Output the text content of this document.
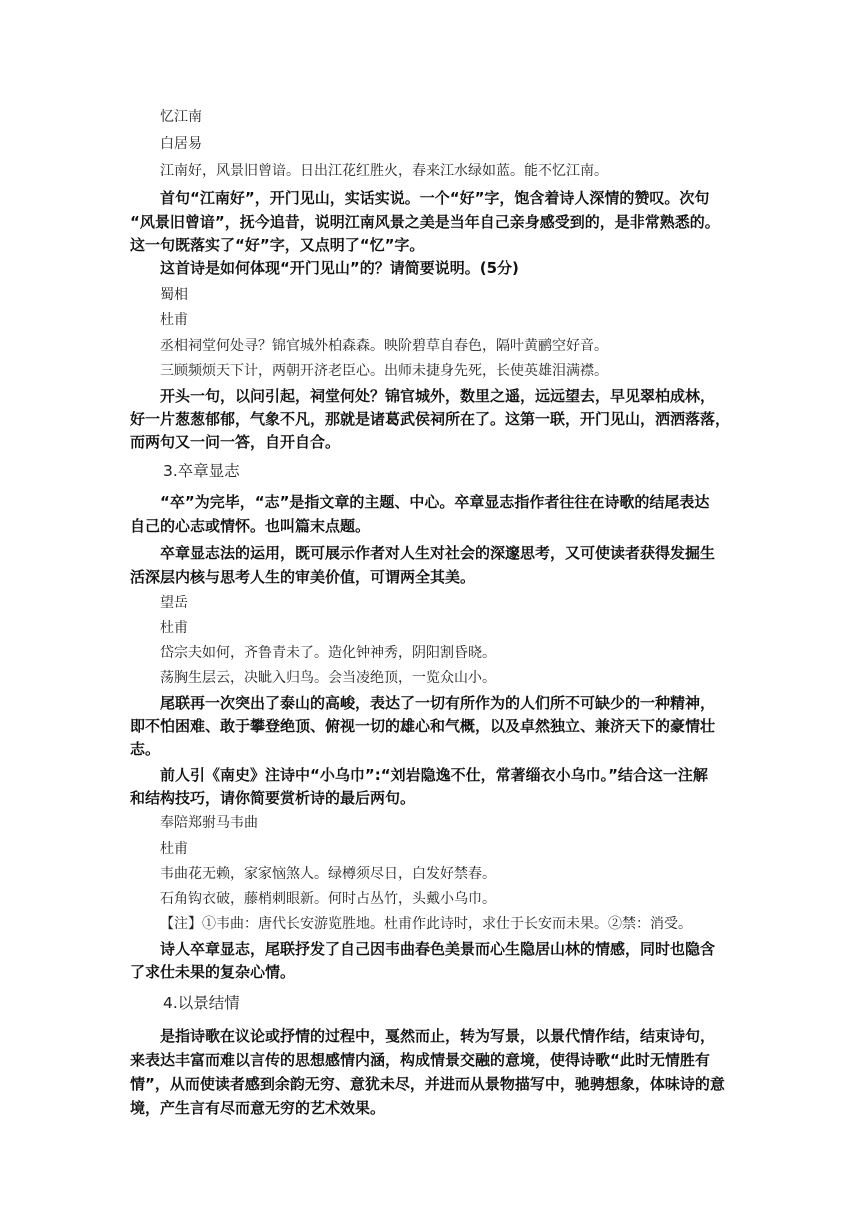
忆江南
白居易
江南好，风景旧曾谙。日出江花红胜火，春来江水绿如蓝。能不忆江南。
首句“江南好”，开门见山，实话实说。一个“好”字，饱含着诗人深情的赞叹。次句
“风景旧曾谙”，抚今追昔，说明江南风景之美是当年自己亲身感受到的，是非常熟悉的。
这一句既落实了“好”字，又点明了“忆”字。
这首诗是如何体现“开门见山”的？请简要说明。(5分)
蜀相
杜甫
丞相祠堂何处寻？锦官城外柏森森。映阶碧草自春色，隔叶黄鹂空好音。
三顾频烦天下计，两朝开济老臣心。出师未捷身先死，长使英雄泪满襟。
开头一句，以问引起，祠堂何处？锦官城外，数里之遥，远远望去，早见翠柏成林，
好一片葱葱郁郁，气象不凡，那就是诸葛武侯祠所在了。这第一联，开门见山，洒洒落落，
而两句又一问一答，自开自合。
3.卒章显志
“卒”为完毕，“志”是指文章的主题、中心。卒章显志指作者往往在诗歌的结尾表达
自己的心志或情怀。也叫篇末点题。
卒章显志法的运用，既可展示作者对人生对社会的深邃思考，又可使读者获得发掘生
活深层内核与思考人生的审美价值，可谓两全其美。
望岳
杜甫
岱宗夫如何，齐鲁青未了。造化钟神秀，阴阳割昏晓。
荡胸生层云，决眦入归鸟。会当凌绝顶，一览众山小。
尾联再一次突出了泰山的高峻，表达了一切有所作为的人们所不可缺少的一种精神，
即不怕困难、敢于攀登绝顶、俯视一切的雄心和气概，以及卓然独立、兼济天下的豪情壮
志。
前人引《南史》注诗中“小乌巾”:“刘岩隐逸不仕，常著缁衣小乌巾。”结合这一注解
和结构技巧，请你简要赏析诗的最后两句。
奉陪郑驸马韦曲
杜甫
韦曲花无赖，家家恼煞人。绿樽须尽日，白发好禁春。
石角钩衣破，藤梢刺眼新。何时占丛竹，头戴小乌巾。
【注】①韦曲：唐代长安游览胜地。杜甫作此诗时，求仕于长安而未果。②禁：消受。
诗人卒章显志，尾联抒发了自己因韦曲春色美景而心生隐居山林的情感，同时也隐含
了求仕未果的复杂心情。
4.以景结情
是指诗歌在议论或抒情的过程中，戛然而止，转为写景，以景代情作结，结束诗句，
来表达丰富而难以言传的思想感情内涵，构成情景交融的意境，使得诗歌“此时无情胜有
情”，从而使读者感到余韵无穷、意犹未尽，并进而从景物描写中，驰骋想象，体味诗的意
境，产生言有尽而意无穷的艺术效果。
